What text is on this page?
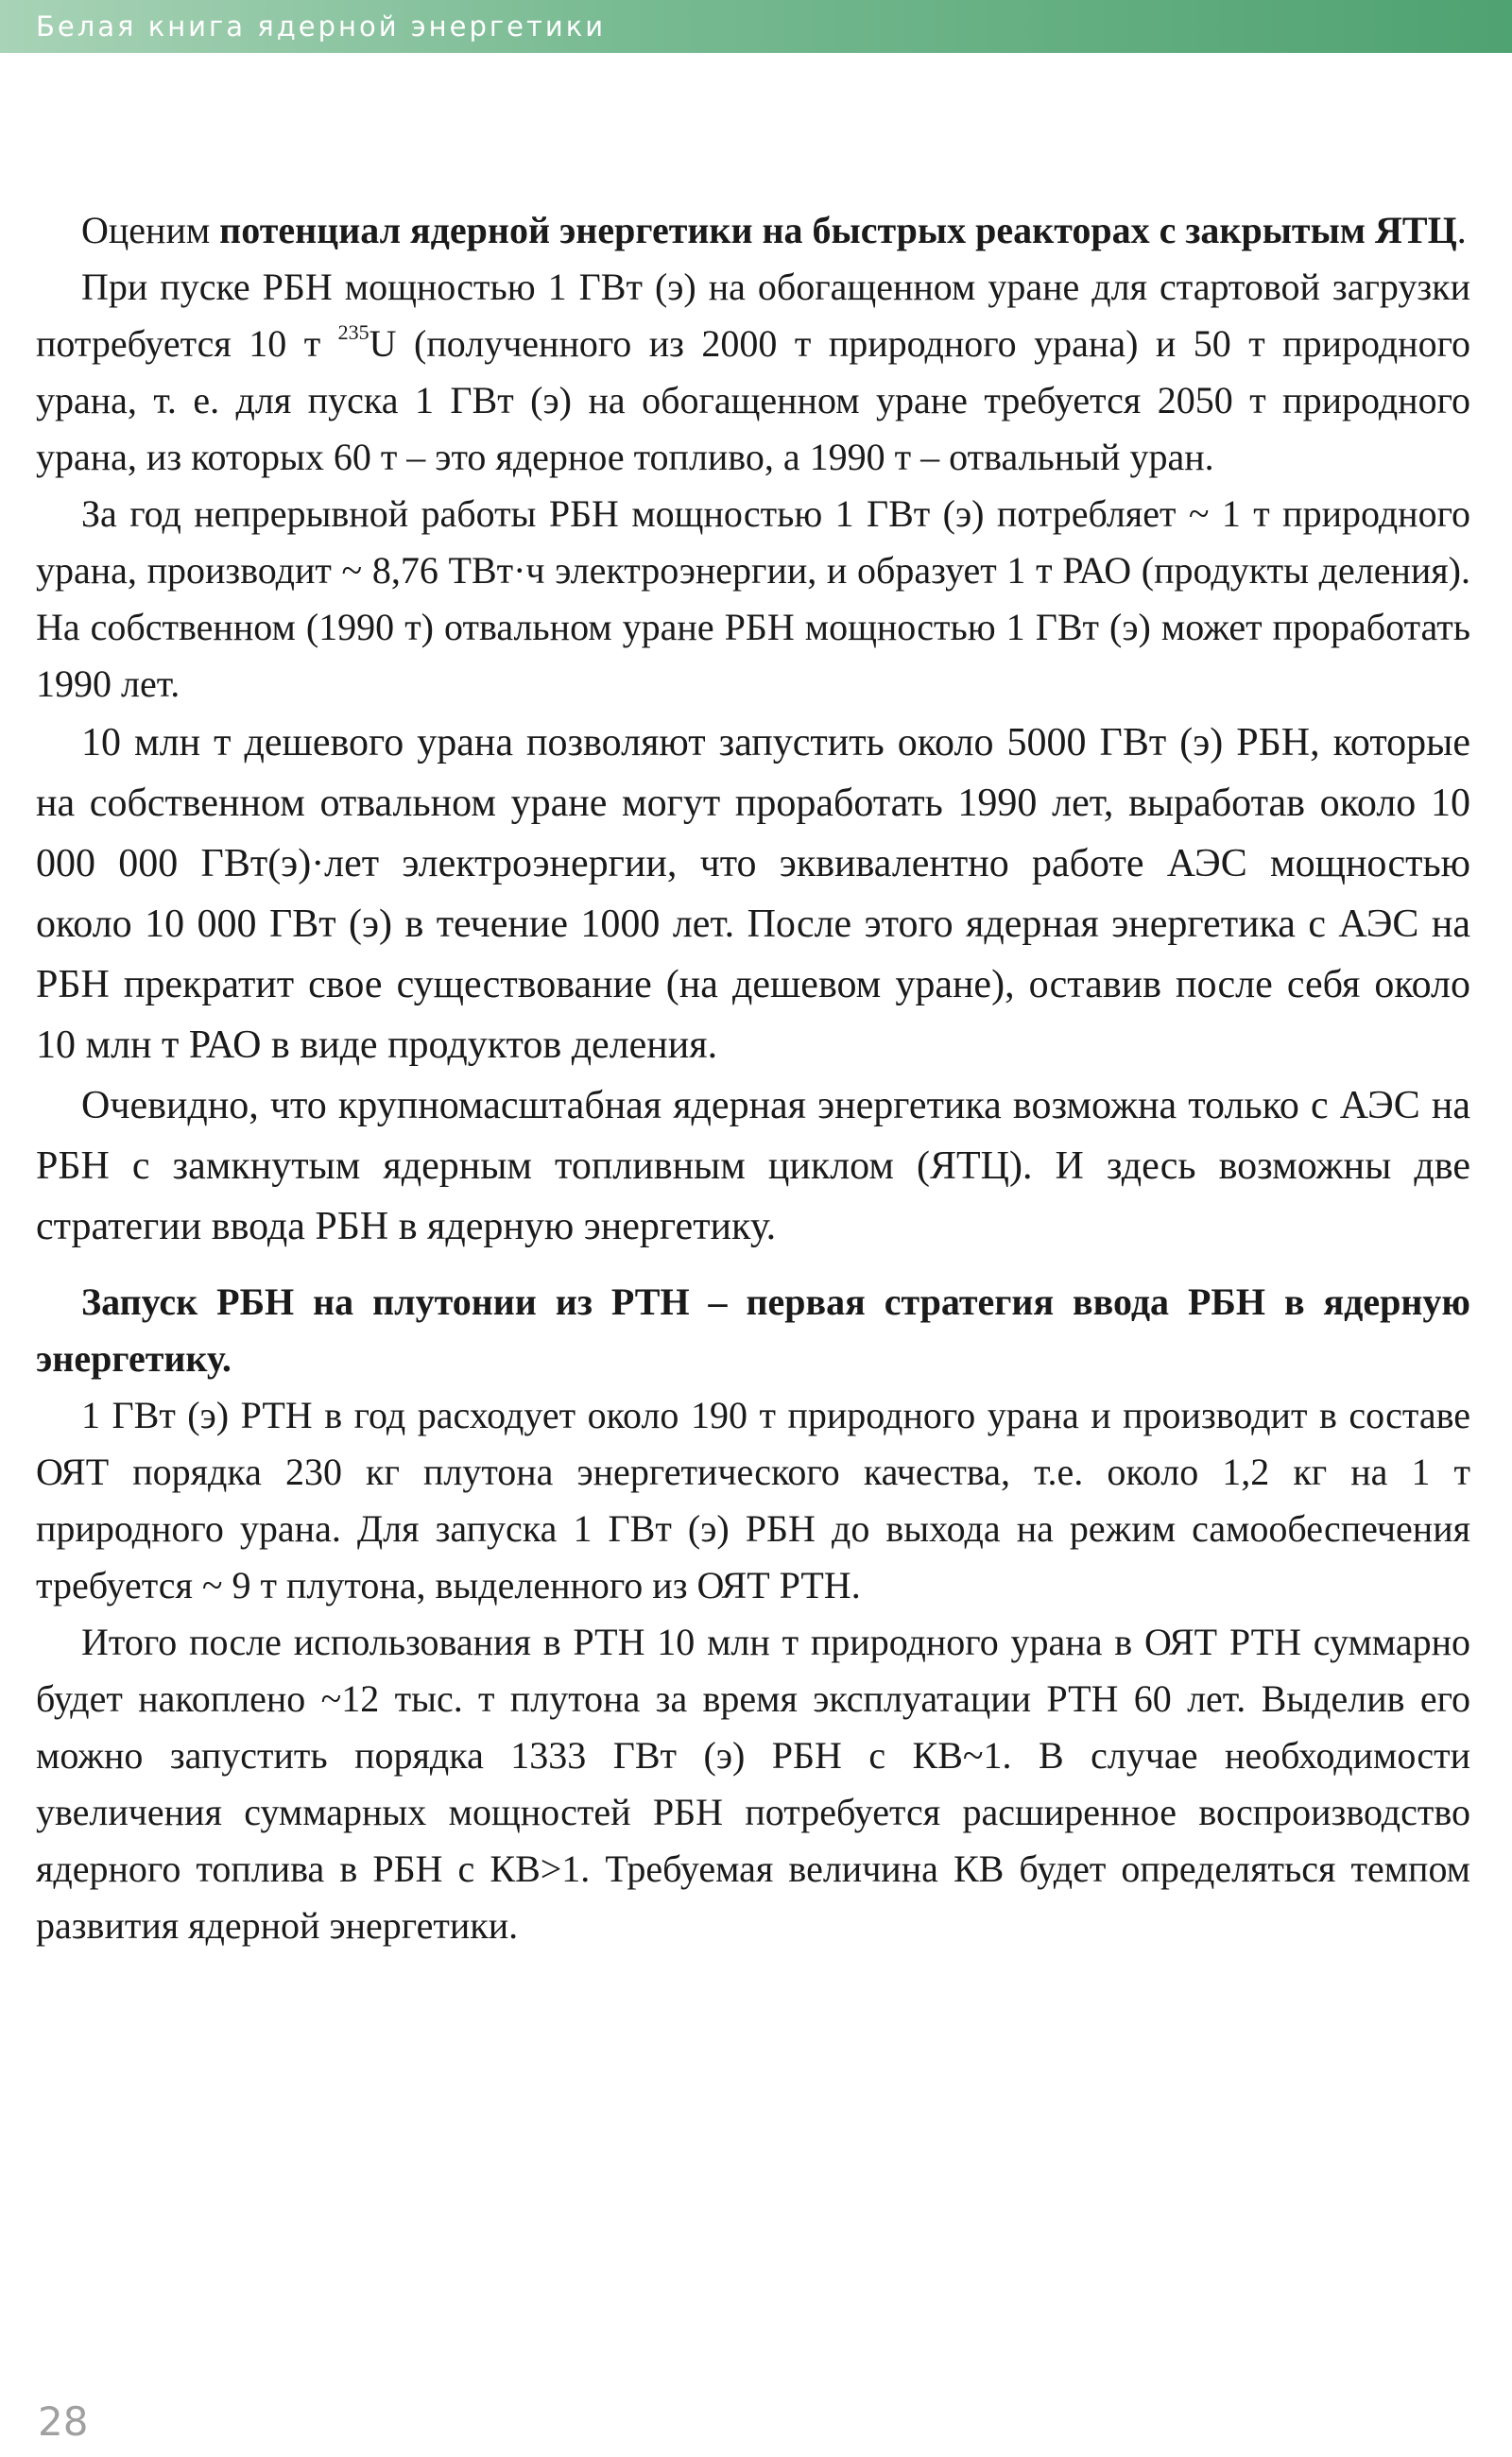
Белая книга ядерной энергетики

Оценим потенциал ядерной энергетики на быстрых реакторах с закрытым ЯТЦ.

При пуске РБН мощностью 1 ГВт (э) на обогащенном уране для стартовой загрузки потребуется 10 т $^{235}$U (полученного из 2000 т природного урана) и 50 т природного урана, т. е. для пуска 1 ГВт (э) на обогащенном уране требуется 2050 т природного урана, из которых 60 т – это ядерное топливо, а 1990 т – отвальный уран.

За год непрерывной работы РБН мощностью 1 ГВт (э) потребляет ~ 1 т природного урана, производит ~ 8,76 ТВт·ч электроэнергии, и образует 1 т РАО (продукты деления). На собственном (1990 т) отвальном уране РБН мощностью 1 ГВт (э) может проработать 1990 лет.

10 млн т дешевого урана позволяют запустить около 5000 ГВт (э) РБН, которые на собственном отвальном уране могут проработать 1990 лет, выработав около 10 000 000 ГВт(э)·лет электроэнергии, что эквивалентно работе АЭС мощностью около 10 000 ГВт (э) в течение 1000 лет. После этого ядерная энергетика с АЭС на РБН прекратит свое существование (на дешевом уране), оставив после себя около 10 млн т РАО в виде продуктов деления.

Очевидно, что крупномасштабная ядерная энергетика возможна только с АЭС на РБН с замкнутым ядерным топливным циклом (ЯТЦ). И здесь возможны две стратегии ввода РБН в ядерную энергетику.

Запуск РБН на плутонии из РТН – первая стратегия ввода РБН в ядерную энергетику.

1 ГВт (э) РТН в год расходует около 190 т природного урана и производит в составе ОЯТ порядка 230 кг плутона энергетического качества, т.е. около 1,2 кг на 1 т природного урана. Для запуска 1 ГВт (э) РБН до выхода на режим самообеспечения требуется ~ 9 т плутона, выделенного из ОЯТ РТН.

Итого после использования в РТН 10 млн т природного урана в ОЯТ РТН суммарно будет накоплено ~12 тыс. т плутона за время эксплуатации РТН 60 лет. Выделив его можно запустить порядка 1333 ГВт (э) РБН с КВ~1. В случае необходимости увеличения суммарных мощностей РБН потребуется расширенное воспроизводство ядерного топлива в РБН с КВ>1. Требуемая величина КВ будет определяться темпом развития ядерной энергетики.

28
